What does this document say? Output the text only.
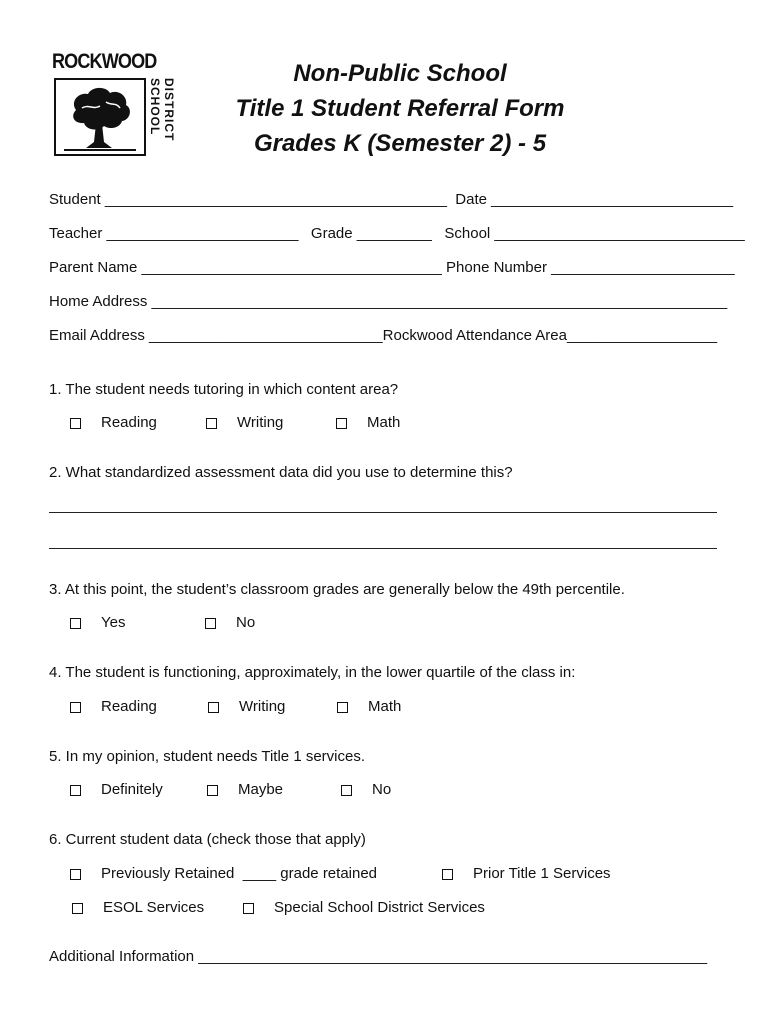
ROCKWOOD
SCHOOL DISTRICT
Non-Public School
Title 1 Student Referral Form
Grades K (Semester 2) - 5
Student _________________________________________  Date _____________________________
Teacher _______________________   Grade _________   School ______________________________
Parent Name ____________________________________ Phone Number ______________________
Home Address _____________________________________________________________________
Email Address ____________________________Rockwood Attendance Area__________________
1. The student needs tutoring in which content area?
Reading	Writing	Math
2. What standardized assessment data did you use to determine this?
3. At this point, the student’s classroom grades are generally below the 49th percentile.
Yes	No
4. The student is functioning, approximately, in the lower quartile of the class in:
Reading	Writing	Math
5. In my opinion, student needs Title 1 services.
Definitely	Maybe	No
6. Current student data (check those that apply)
Previously Retained ____ grade retained	Prior Title 1 Services
ESOL Services	Special School District Services
Additional Information _____________________________________________________________
